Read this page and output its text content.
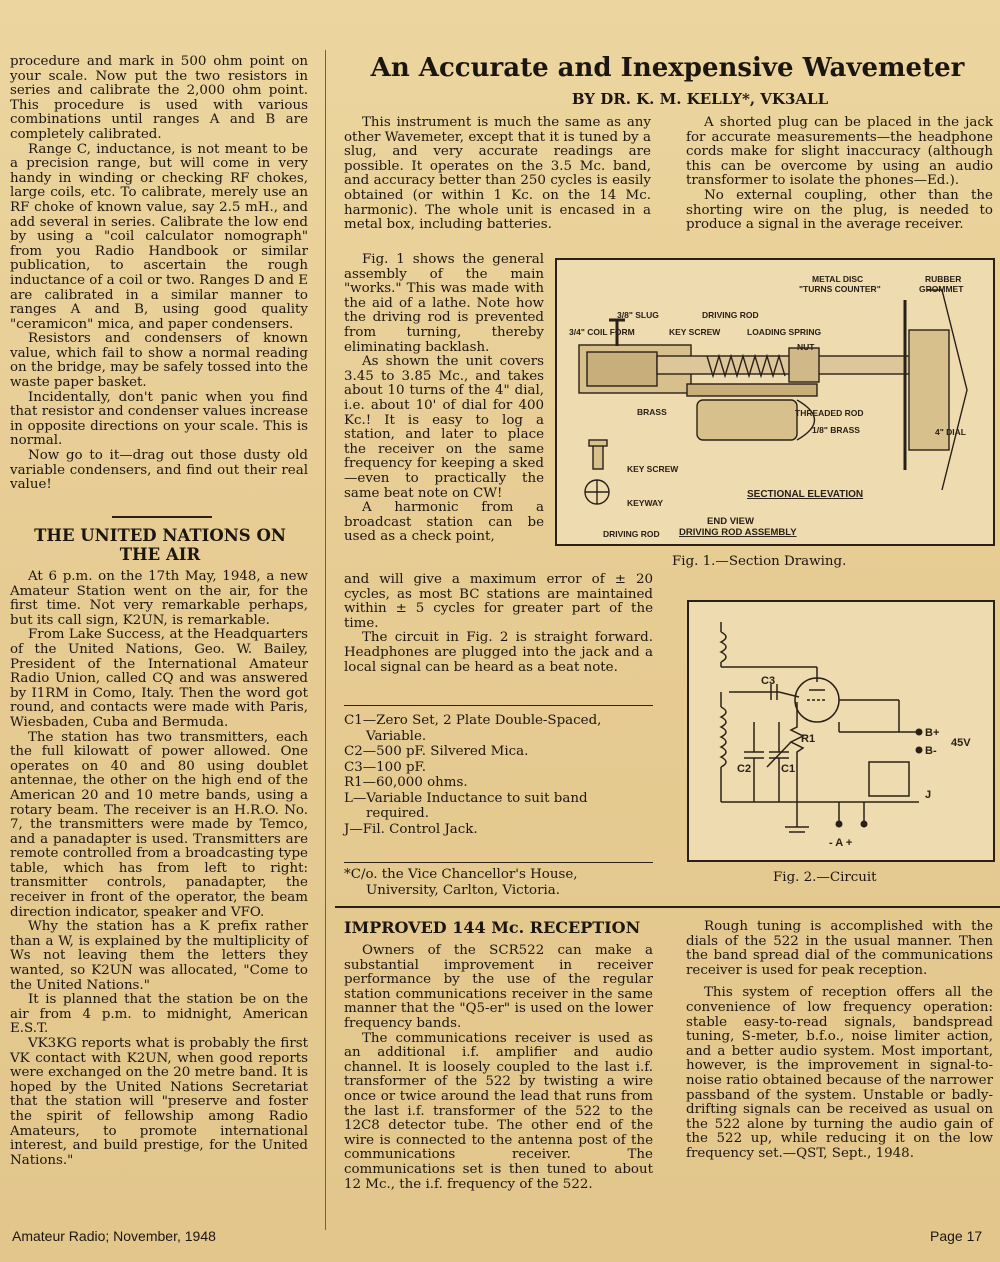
procedure and mark in 500 ohm point on your scale. Now put the two resistors in series and calibrate the 2,000 ohm point. This procedure is used with various combinations until ranges A and B are completely calibrated.

Range C, inductance, is not meant to be a precision range, but will come in very handy in winding or checking RF chokes, large coils, etc. To calibrate, merely use an RF choke of known value, say 2.5 mH., and add several in series. Calibrate the low end by using a "coil calculator nomograph" from you Radio Handbook or similar publication, to ascertain the rough inductance of a coil or two. Ranges D and E are calibrated in a similar manner to ranges A and B, using good quality "ceramicon" mica, and paper condensers.

Resistors and condensers of known value, which fail to show a normal reading on the bridge, may be safely tossed into the waste paper basket.

Incidentally, don't panic when you find that resistor and condenser values increase in opposite directions on your scale. This is normal.

Now go to it—drag out those dusty old variable condensers, and find out their real value!

THE UNITED NATIONS ON THE AIR

At 6 p.m. on the 17th May, 1948, a new Amateur Station went on the air, for the first time. Not very remarkable perhaps, but its call sign, K2UN, is remarkable.

From Lake Success, at the Headquarters of the United Nations, Geo. W. Bailey, President of the International Amateur Radio Union, called CQ and was answered by I1RM in Como, Italy. Then the word got round, and contacts were made with Paris, Wiesbaden, Cuba and Bermuda.

The station has two transmitters, each the full kilowatt of power allowed. One operates on 40 and 80 using doublet antennae, the other on the high end of the American 20 and 10 metre bands, using a rotary beam. The receiver is an H.R.O. No. 7, the transmitters were made by Temco, and a panadapter is used. Transmitters are remote controlled from a broadcasting type table, which has from left to right: transmitter controls, panadapter, the receiver in front of the operator, the beam direction indicator, speaker and VFO.

Why the station has a K prefix rather than a W, is explained by the multiplicity of Ws not leaving them the letters they wanted, so K2UN was allocated, "Come to the United Nations."

It is planned that the station be on the air from 4 p.m. to midnight, American E.S.T.

VK3KG reports what is probably the first VK contact with K2UN, when good reports were exchanged on the 20 metre band. It is hoped by the United Nations Secretariat that the station will "preserve and foster the spirit of fellowship among Radio Amateurs, to promote international interest, and build prestige, for the United Nations."

An Accurate and Inexpensive Wavemeter
BY DR. K. M. KELLY*, VK3ALL

This instrument is much the same as any other Wavemeter, except that it is tuned by a slug, and very accurate readings are possible. It operates on the 3.5 Mc. band, and accuracy better than 250 cycles is easily obtained (or within 1 Kc. on the 14 Mc. harmonic). The whole unit is encased in a metal box, including batteries.

A shorted plug can be placed in the jack for accurate measurements—the headphone cords make for slight inaccuracy (although this can be overcome by using an audio transformer to isolate the phones—Ed.).

No external coupling, other than the shorting wire on the plug, is needed to produce a signal in the average receiver.

Fig. 1 shows the general assembly of the main "works." This was made with the aid of a lathe. Note how the driving rod is prevented from turning, thereby eliminating backlash.

As shown the unit covers 3.45 to 3.85 Mc., and takes about 10 turns of the 4" dial, i.e. about 10' of dial for 400 Kc.! It is easy to log a station, and later to place the receiver on the same frequency for keeping a sked—even to practically the same beat note on CW!

A harmonic from a broadcast station can be used as a check point,

and will give a maximum error of ± 20 cycles, as most BC stations are maintained within ± 5 cycles for greater part of the time.

The circuit in Fig. 2 is straight forward. Headphones are plugged into the jack and a local signal can be heard as a beat note.

C1—Zero Set, 2 Plate Double-Spaced, Variable.
C2—500 pF. Silvered Mica.
C3—100 pF.
R1—60,000 ohms.
L—Variable Inductance to suit band required.
J—Fil. Control Jack.
*C/o. the Vice Chancellor's House, University, Carlton, Victoria.
METAL DISC
"TURNS COUNTER"
RUBBER
GROMMET
3/8" SLUG	DRIVING ROD
3/4" COIL FORM	KEY SCREW	LOADING SPRING
NUT
BRASS	THREADED ROD
1/8" BRASS	4" DIAL
KEY SCREW
KEYWAY
DRIVING ROD
SECTIONAL ELEVATION
END VIEW
DRIVING ROD ASSEMBLY
Fig. 1.—Section Drawing.
C3
R1
C1
C2
B+
45V
B-
J
- A +
Fig. 2.—Circuit
IMPROVED 144 Mc. RECEPTION

Owners of the SCR522 can make a substantial improvement in receiver performance by the use of the regular station communications receiver in the same manner that the "Q5-er" is used on the lower frequency bands.

The communications receiver is used as an additional i.f. amplifier and audio channel. It is loosely coupled to the last i.f. transformer of the 522 by twisting a wire once or twice around the lead that runs from the last i.f. transformer of the 522 to the 12C8 detector tube. The other end of the wire is connected to the antenna post of the communications receiver. The communications set is then tuned to about 12 Mc., the i.f. frequency of the 522.

Rough tuning is accomplished with the dials of the 522 in the usual manner. Then the band spread dial of the communications receiver is used for peak reception.

This system of reception offers all the convenience of low frequency operation: stable easy-to-read signals, bandspread tuning, S-meter, b.f.o., noise limiter action, and a better audio system. Most important, however, is the improvement in signal-to-noise ratio obtained because of the narrower passband of the system. Unstable or badly-drifting signals can be received as usual on the 522 alone by turning the audio gain of the 522 up, while reducing it on the low frequency set.—QST, Sept., 1948.

Amateur Radio; November, 1948	Page 17
